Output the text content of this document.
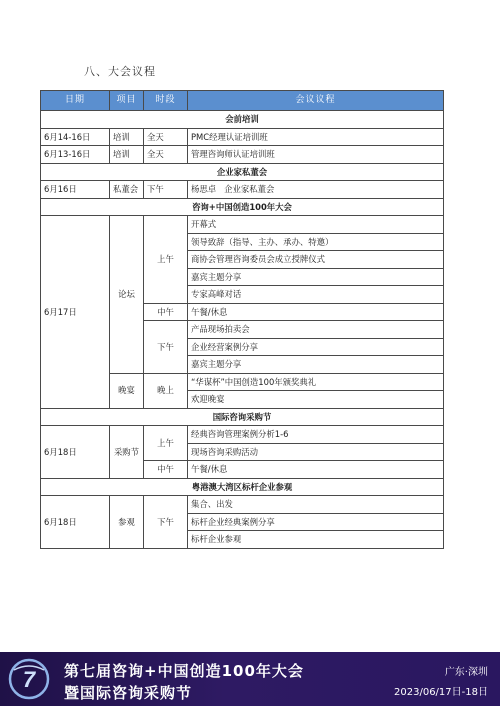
八、大会议程
日期	项目	时段	会议议程
会前培训			
6月14-16日	培训	全天	PMC经理认证培训班
6月13-16日	培训	全天	管理咨询师认证培训班
企业家私董会			
6月16日	私董会	下午	杨思卓   企业家私董会
咨询+中国创造100年大会			
6月17日	论坛	上午	开幕式
			领导致辞（指导、主办、承办、特邀）
			商协会管理咨询委员会成立授牌仪式
			嘉宾主题分享
			专家高峰对话
		中午	午餐/休息
		下午	产品现场拍卖会
			企业经营案例分享
			嘉宾主题分享
	晚宴	晚上	“华谋杯”中国创造100年颁奖典礼
			欢迎晚宴
国际咨询采购节			
6月18日	采购节	上午	经典咨询管理案例分析1-6
			现场咨询采购活动
		中午	午餐/休息
粤港澳大湾区标杆企业参观			
6月18日	参观	下午	集合、出发
			标杆企业经典案例分享
			标杆企业参观
7 第七届咨询+中国创造100年大会
暨国际咨询采购节
广东·深圳
2023/06/17日-18日
